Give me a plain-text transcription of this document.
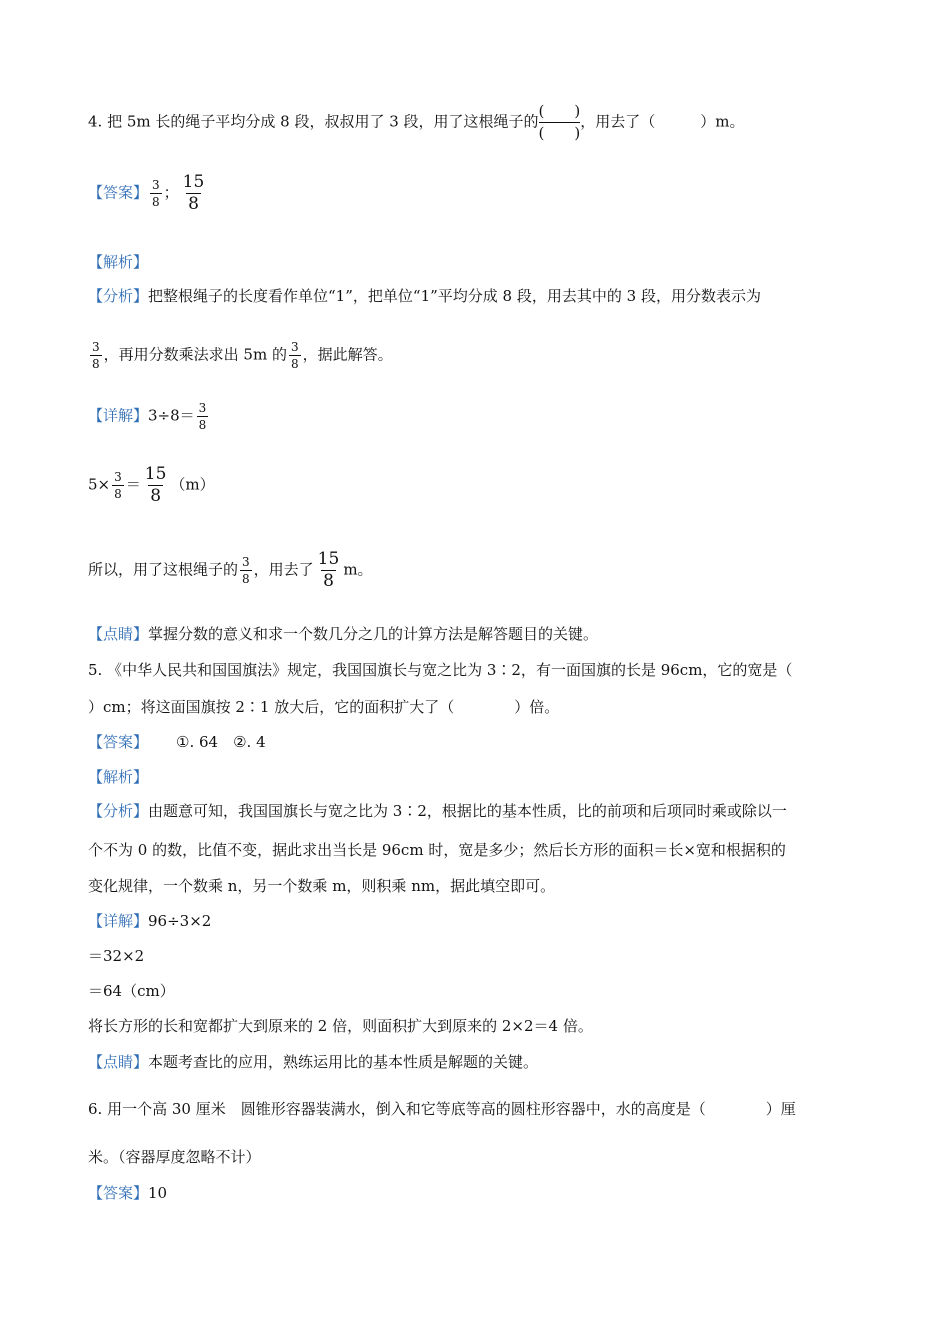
4. 把 5m 长的绳子平均分成 8 段，叔叔用了 3 段，用了这根绳子的 $\frac{( )}{( )}$ ，用去了（　　　）m。
【答案】 $\frac{3}{8}$ ； $\frac{15}{8}$
【解析】
【分析】把整根绳子的长度看作单位“1”，把单位“1”平均分成 8 段，用去其中的 3 段，用分数表示为
$\frac{3}{8}$ ，再用分数乘法求出 5m 的 $\frac{3}{8}$ ，据此解答。
【详解】$3\div 8= \frac{3}{8}$
$5\times \frac{3}{8} = \frac{15}{8} (m)$
所以，用了这根绳子的 $\frac{3}{8}$ ，用去了 $\frac{15}{8}$ m。
【点睛】掌握分数的意义和求一个数几分之几的计算方法是解答题目的关键。
5. 《中华人民共和国国旗法》规定，我国国旗长与宽之比为 3∶2，有一面国旗的长是 96cm，它的宽是（
）cm；将这面国旗按 2∶1 放大后，它的面积扩大了（　　　　）倍。
【答案】 ①. 64　②. 4
【解析】
【分析】由题意可知，我国国旗长与宽之比为 3∶2，根据比的基本性质，比的前项和后项同时乘或除以一
个不为 0 的数，比值不变，据此求出当长是 96cm 时，宽是多少；然后长方形的面积＝长×宽和根据积的
变化规律，一个数乘 n，另一个数乘 m，则积乘 nm，据此填空即可。
【详解】96÷3×2
＝32×2
＝64（cm）
将长方形的长和宽都扩大到原来的 2 倍，则面积扩大到原来的 2×2＝4 倍。
【点睛】本题考查比的应用，熟练运用比的基本性质是解题的关键。
6. 用一个高 30 厘米　圆锥形容器装满水，倒入和它等底等高的圆柱形容器中，水的高度是（　　　　）厘
米。（容器厚度忽略不计）
【答案】10
